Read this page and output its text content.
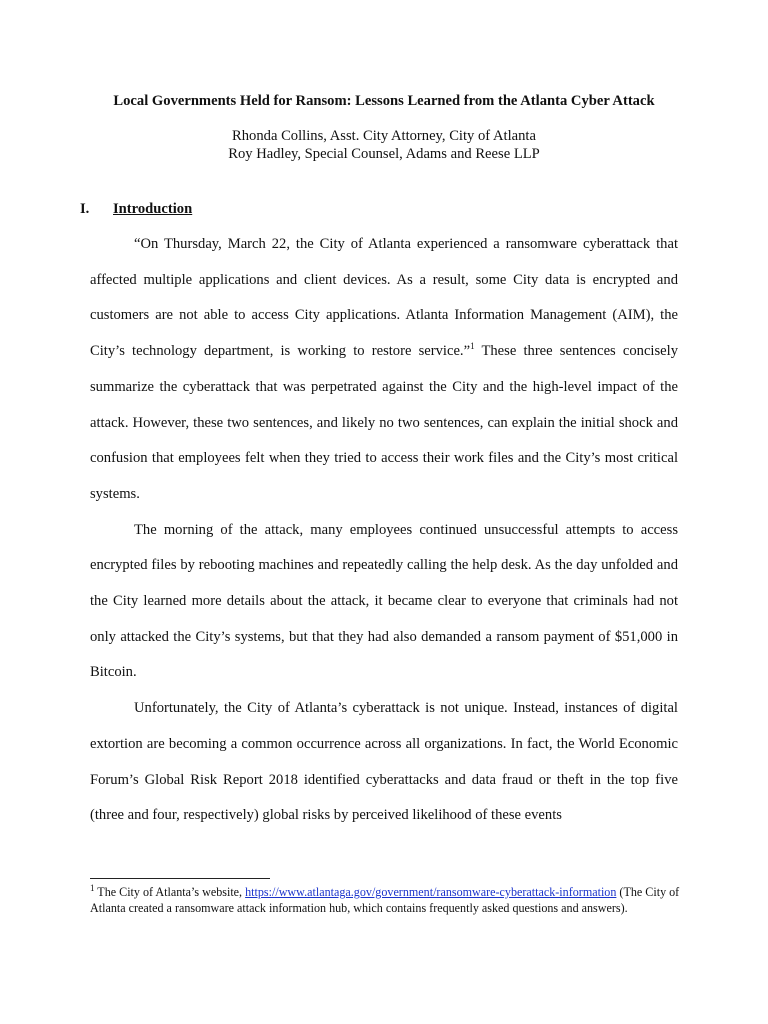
Local Governments Held for Ransom: Lessons Learned from the Atlanta Cyber Attack
Rhonda Collins, Asst. City Attorney, City of Atlanta
Roy Hadley, Special Counsel, Adams and Reese LLP
I. Introduction

“On Thursday, March 22, the City of Atlanta experienced a ransomware cyberattack that affected multiple applications and client devices. As a result, some City data is encrypted and customers are not able to access City applications. Atlanta Information Management (AIM), the City’s technology department, is working to restore service.”$^1$ These three sentences concisely summarize the cyberattack that was perpetrated against the City and the high-level impact of the attack. However, these two sentences, and likely no two sentences, can explain the initial shock and confusion that employees felt when they tried to access their work files and the City’s most critical systems.

The morning of the attack, many employees continued unsuccessful attempts to access encrypted files by rebooting machines and repeatedly calling the help desk. As the day unfolded and the City learned more details about the attack, it became clear to everyone that criminals had not only attacked the City’s systems, but that they had also demanded a ransom payment of $51,000 in Bitcoin.

Unfortunately, the City of Atlanta’s cyberattack is not unique. Instead, instances of digital extortion are becoming a common occurrence across all organizations. In fact, the World Economic Forum’s Global Risk Report 2018 identified cyberattacks and data fraud or theft in the top five (three and four, respectively) global risks by perceived likelihood of these events

$^1$ The City of Atlanta’s website, https://www.atlantaga.gov/government/ransomware-cyberattack-information (The City of Atlanta created a ransomware attack information hub, which contains frequently asked questions and answers).
